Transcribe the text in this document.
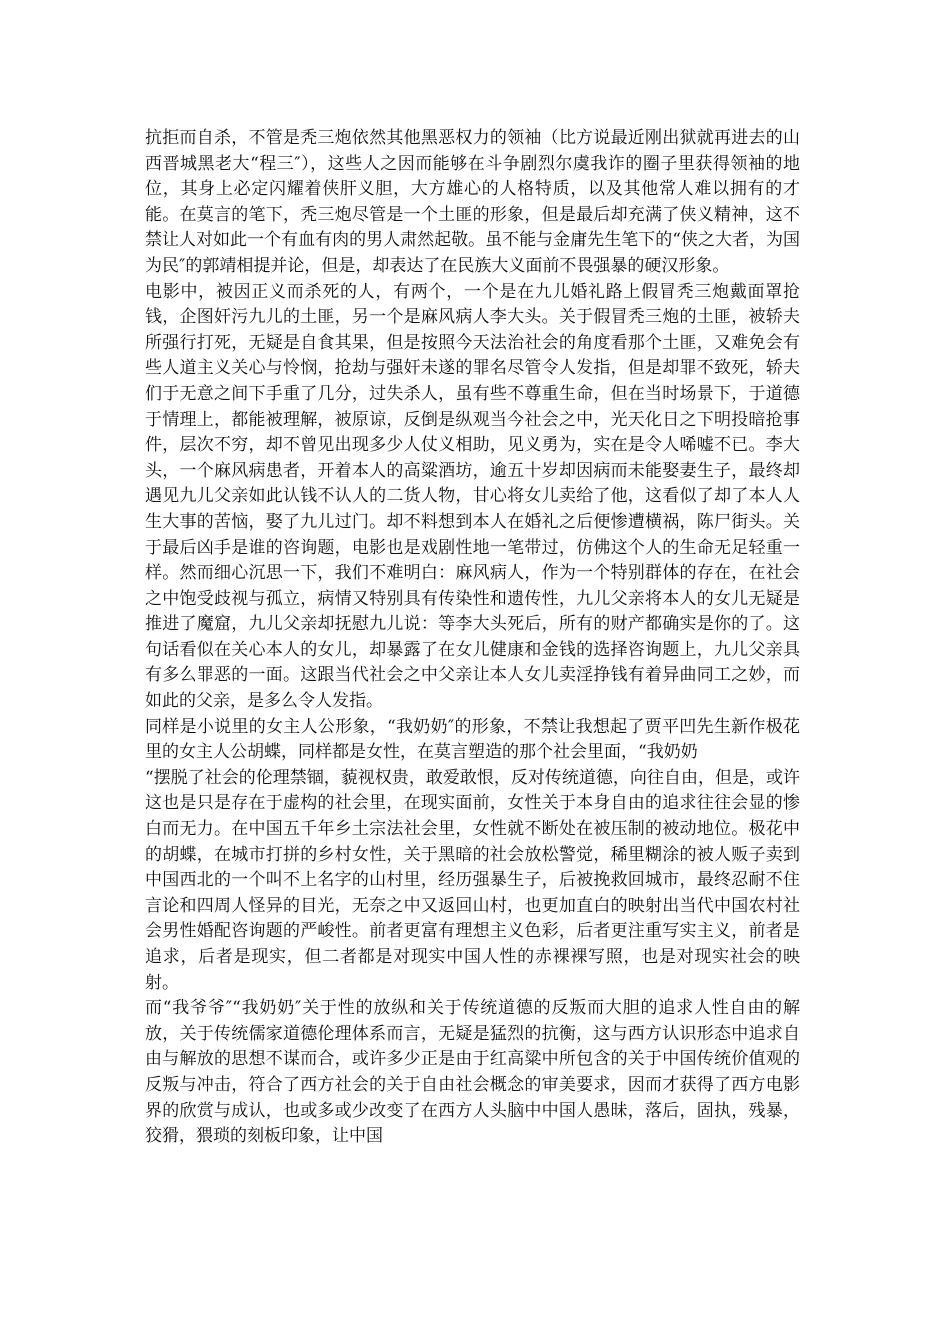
抗拒而自杀，不管是秃三炮依然其他黑恶权力的领袖（比方说最近刚出狱就再进去的山西晋城黑老大“程三″），这些人之因而能够在斗争剧烈尔虞我诈的圈子里获得领袖的地位，其身上必定闪耀着侠肝义胆，大方雄心的人格特质，以及其他常人难以拥有的才能。在莫言的笔下，秃三炮尽管是一个土匪的形象，但是最后却充满了侠义精神，这不禁让人对如此一个有血有肉的男人肃然起敬。虽不能与金庸先生笔下的“侠之大者，为国为民″的郭靖相提并论，但是，却表达了在民族大义面前不畏强暴的硬汉形象。

电影中，被因正义而杀死的人，有两个，一个是在九儿婚礼路上假冒秃三炮戴面罩抢钱，企图奸污九儿的土匪，另一个是麻风病人李大头。关于假冒秃三炮的土匪，被轿夫所强行打死，无疑是自食其果，但是按照今天法治社会的角度看那个土匪，又难免会有些人道主义关心与怜悯，抢劫与强奸未遂的罪名尽管令人发指，但是却罪不致死，轿夫们于无意之间下手重了几分，过失杀人，虽有些不尊重生命，但在当时场景下，于道德于情理上，都能被理解，被原谅，反倒是纵观当今社会之中，光天化日之下明投暗抢事件，层次不穷，却不曾见出现多少人仗义相助，见义勇为，实在是令人唏嘘不已。李大头，一个麻风病患者，开着本人的高粱酒坊，逾五十岁却因病而未能娶妻生子，最终却遇见九儿父亲如此认钱不认人的二货人物，甘心将女儿卖给了他，这看似了却了本人人生大事的苦恼，娶了九儿过门。却不料想到本人在婚礼之后便惨遭横祸，陈尸街头。关于最后凶手是谁的咨询题，电影也是戏剧性地一笔带过，仿佛这个人的生命无足轻重一样。然而细心沉思一下，我们不难明白：麻风病人，作为一个特别群体的存在，在社会之中饱受歧视与孤立，病情又特别具有传染性和遗传性，九儿父亲将本人的女儿无疑是推进了魔窟，九儿父亲却抚慰九儿说：等李大头死后，所有的财产都确实是你的了。这句话看似在关心本人的女儿，却暴露了在女儿健康和金钱的选择咨询题上，九儿父亲具有多么罪恶的一面。这跟当代社会之中父亲让本人女儿卖淫挣钱有着异曲同工之妙，而如此的父亲，是多么令人发指。

同样是小说里的女主人公形象，“我奶奶″的形象，不禁让我想起了贾平凹先生新作极花里的女主人公胡蝶，同样都是女性，在莫言塑造的那个社会里面，“我奶奶

“摆脱了社会的伦理禁锢，藐视权贵，敢爱敢恨，反对传统道德，向往自由，但是，或许这也是只是存在于虚构的社会里，在现实面前，女性关于本身自由的追求往往会显的惨白而无力。在中国五千年乡土宗法社会里，女性就不断处在被压制的被动地位。极花中的胡蝶，在城市打拼的乡村女性，关于黑暗的社会放松警觉，稀里糊涂的被人贩子卖到中国西北的一个叫不上名字的山村里，经历强暴生子，后被挽救回城市，最终忍耐不住言论和四周人怪异的目光，无奈之中又返回山村，也更加直白的映射出当代中国农村社会男性婚配咨询题的严峻性。前者更富有理想主义色彩，后者更注重写实主义，前者是追求，后者是现实，但二者都是对现实中国人性的赤裸裸写照，也是对现实社会的映射。

而“我爷爷″“我奶奶″关于性的放纵和关于传统道德的反叛而大胆的追求人性自由的解放，关于传统儒家道德伦理体系而言，无疑是猛烈的抗衡，这与西方认识形态中追求自由与解放的思想不谋而合，或许多少正是由于红高粱中所包含的关于中国传统价值观的反叛与冲击，符合了西方社会的关于自由社会概念的审美要求，因而才获得了西方电影界的欣赏与成认，也或多或少改变了在西方人头脑中中国人愚昧，落后，固执，残暴，狡猾，猥琐的刻板印象，让中国
